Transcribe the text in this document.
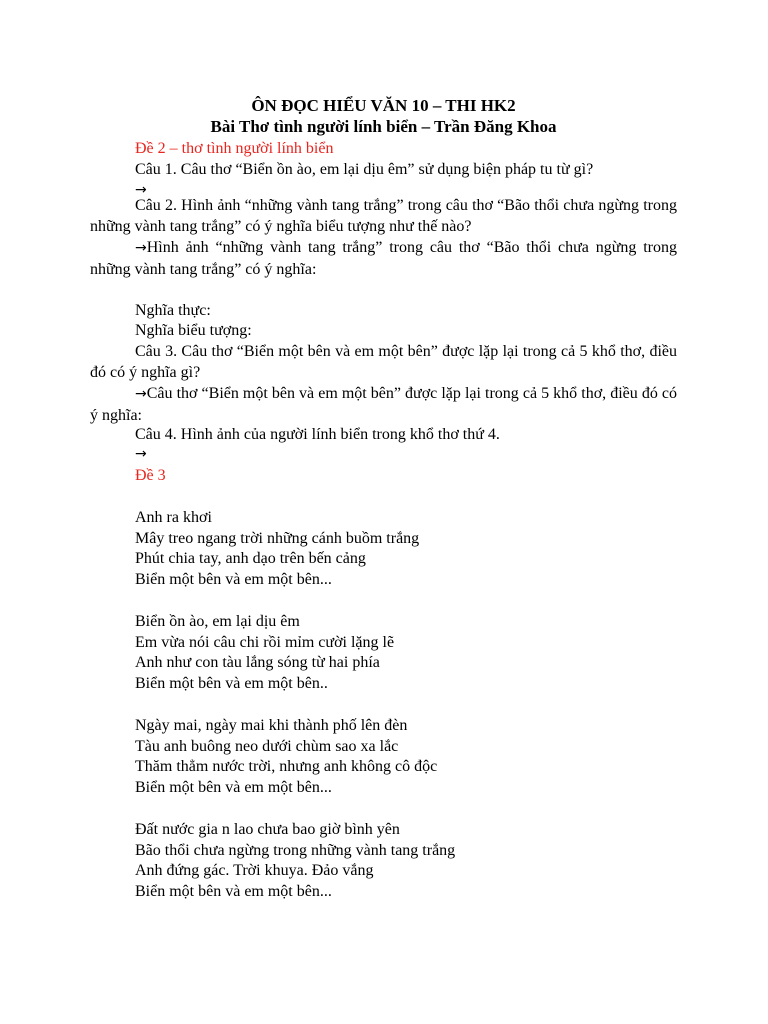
ÔN ĐỌC HIỂU VĂN 10 – THI HK2

Bài Thơ tình người lính biển – Trần Đăng Khoa

Đề 2 – thơ tình người lính biển

Câu 1. Câu thơ “Biển ồn ào, em lại dịu êm” sử dụng biện pháp tu từ gì?

→

Câu 2. Hình ảnh “những vành tang trắng” trong câu thơ “Bão thổi chưa ngừng trong những vành tang trắng” có ý nghĩa biểu tượng như thế nào?

→Hình ảnh “những vành tang trắng” trong câu thơ “Bão thổi chưa ngừng trong những vành tang trắng” có ý nghĩa:

Nghĩa thực:

Nghĩa biểu tượng:

Câu 3. Câu thơ “Biển một bên và em một bên” được lặp lại trong cả 5 khổ thơ, điều đó có ý nghĩa gì?

→Câu thơ “Biển một bên và em một bên” được lặp lại trong cả 5 khổ thơ, điều đó có ý nghĩa:

Câu 4. Hình ảnh của người lính biển trong khổ thơ thứ 4.

→

Đề 3

Anh ra khơi

Mây treo ngang trời những cánh buồm trắng

Phút chia tay, anh dạo trên bến cảng

Biển một bên và em một bên...

Biển ồn ào, em lại dịu êm

Em vừa nói câu chi rồi mỉm cười lặng lẽ

Anh như con tàu lắng sóng từ hai phía

Biển một bên và em một bên..

Ngày mai, ngày mai khi thành phố lên đèn

Tàu anh buông neo dưới chùm sao xa lắc

Thăm thẳm nước trời, nhưng anh không cô độc

Biển một bên và em một bên...

Đất nước gia n lao chưa bao giờ bình yên

Bão thổi chưa ngừng trong những vành tang trắng

Anh đứng gác. Trời khuya. Đảo vắng

Biển một bên và em một bên...
